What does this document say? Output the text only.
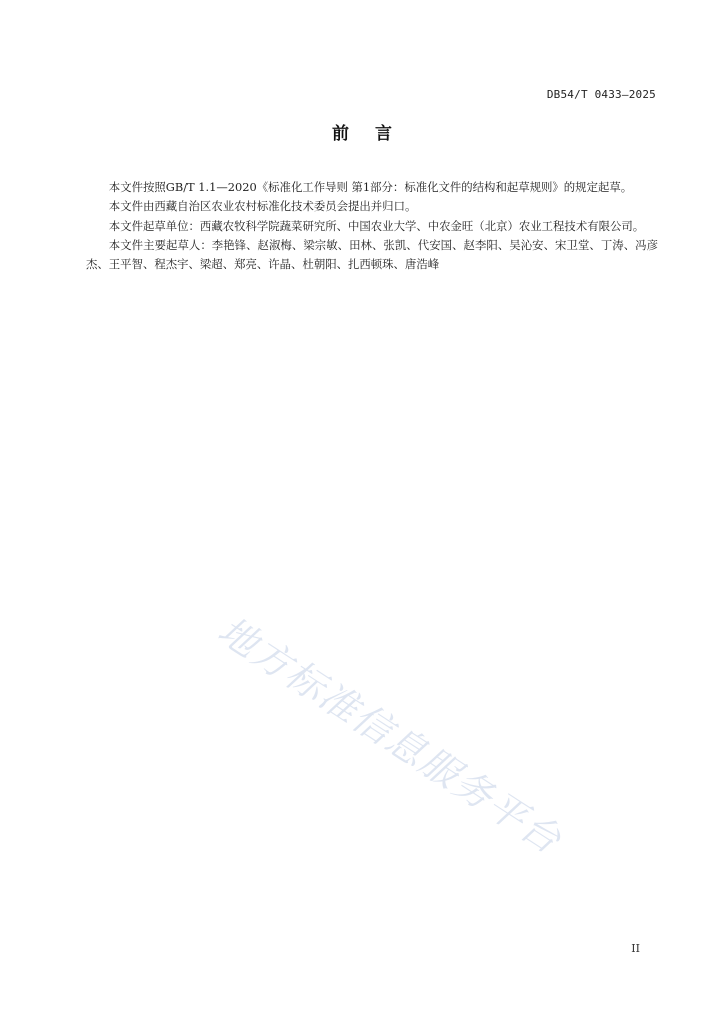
DB54/T 0433—2025
前言

本文件按照GB/T 1.1—2020《标准化工作导则 第1部分：标准化文件的结构和起草规则》的规定起草。

本文件由西藏自治区农业农村标准化技术委员会提出并归口。

本文件起草单位：西藏农牧科学院蔬菜研究所、中国农业大学、中农金旺（北京）农业工程技术有限公司。

本文件主要起草人：李艳锋、赵淑梅、梁宗敏、田林、张凯、代安国、赵李阳、吴沁安、宋卫堂、丁涛、冯彦杰、王平智、程杰宇、梁超、郑亮、许晶、杜朝阳、扎西顿珠、唐浩峰

地方标准信息服务平台
II
